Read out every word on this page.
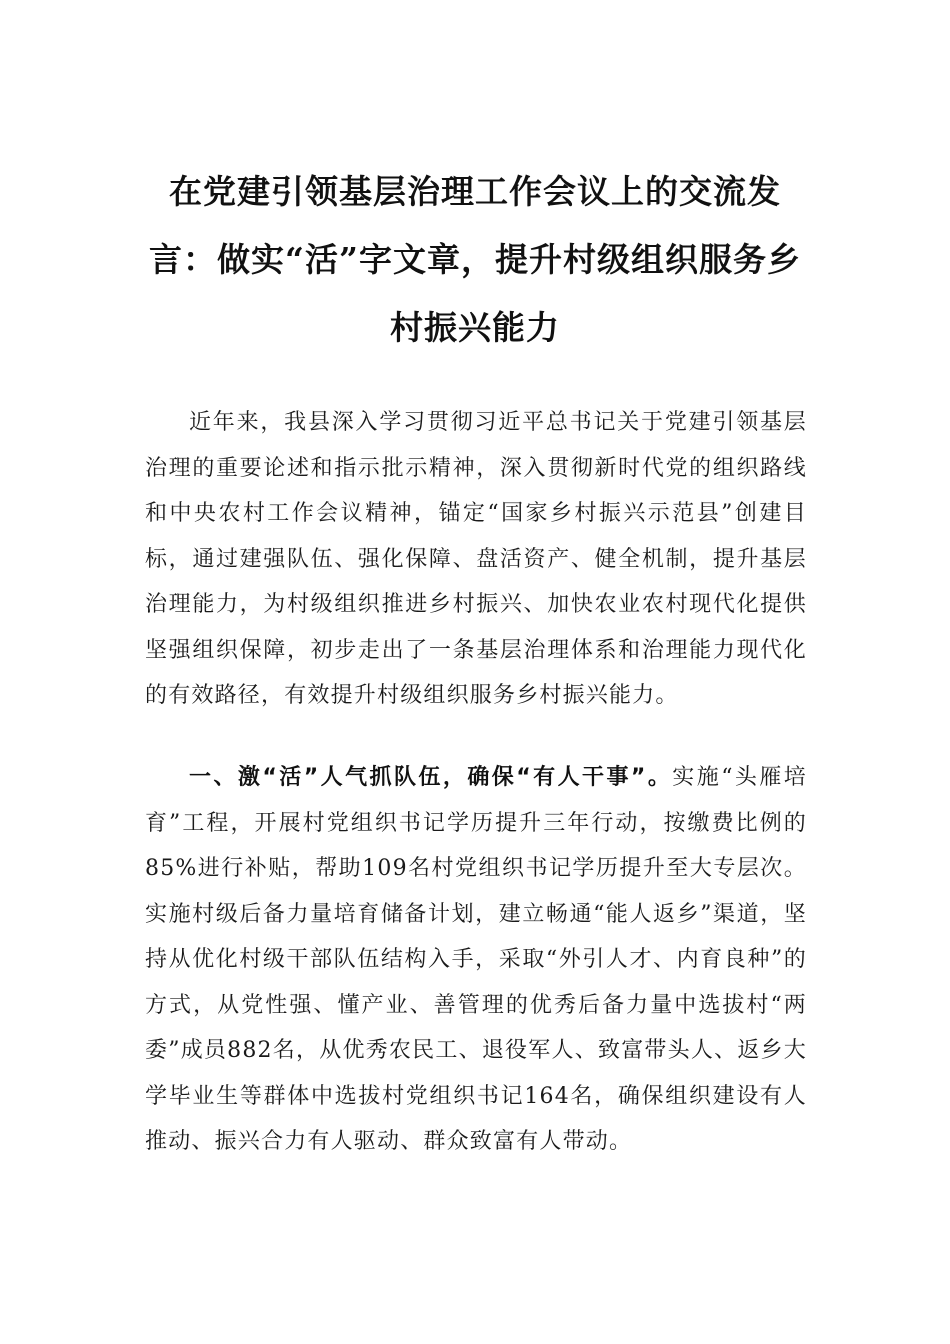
在党建引领基层治理工作会议上的交流发言：做实“活”字文章，提升村级组织服务乡村振兴能力

近年来，我县深入学习贯彻习近平总书记关于党建引领基层治理的重要论述和指示批示精神，深入贯彻新时代党的组织路线和中央农村工作会议精神，锚定“国家乡村振兴示范县”创建目标，通过建强队伍、强化保障、盘活资产、健全机制，提升基层治理能力，为村级组织推进乡村振兴、加快农业农村现代化提供坚强组织保障，初步走出了一条基层治理体系和治理能力现代化的有效路径，有效提升村级组织服务乡村振兴能力。

一、激“活”人气抓队伍，确保“有人干事”。实施“头雁培育”工程，开展村党组织书记学历提升三年行动，按缴费比例的85%进行补贴，帮助109名村党组织书记学历提升至大专层次。实施村级后备力量培育储备计划，建立畅通“能人返乡”渠道，坚持从优化村级干部队伍结构入手，采取“外引人才、内育良种”的方式，从党性强、懂产业、善管理的优秀后备力量中选拔村“两委”成员882名，从优秀农民工、退役军人、致富带头人、返乡大学毕业生等群体中选拔村党组织书记164名，确保组织建设有人推动、振兴合力有人驱动、群众致富有人带动。
